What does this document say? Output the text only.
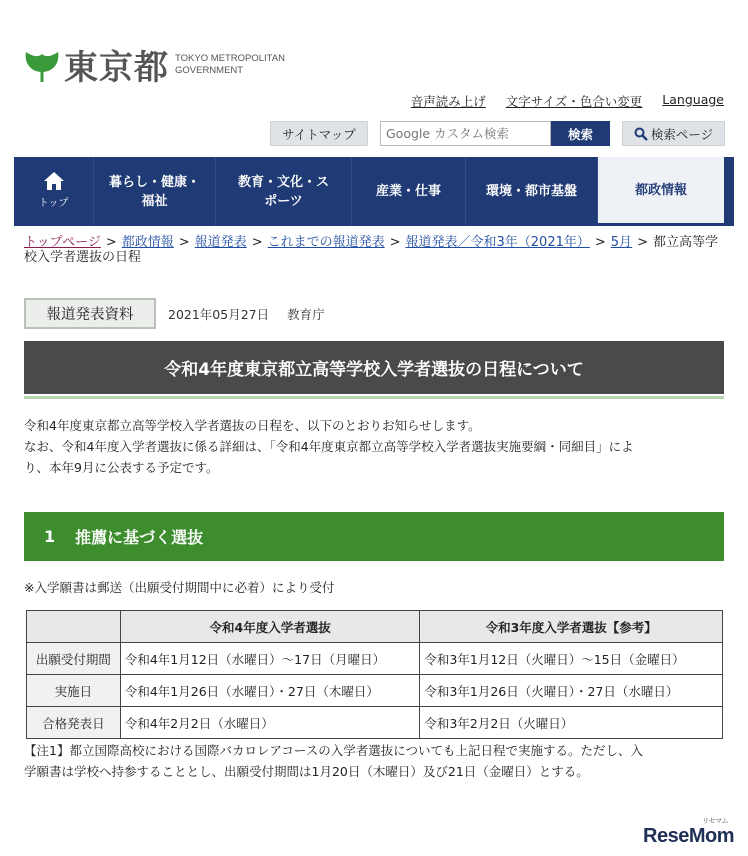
東京都 TOKYO METROPOLITAN
GOVERNMENT
音声読み上げ 文字サイズ・色合い変更 Language
サイトマップ
Google カスタム検索	検索	検索ページ
トップ
暮らし・健康・
福祉
教育・文化・ス
ポーツ
産業・仕事	環境・都市基盤	都政情報
トップページ > 都政情報 > 報道発表 > これまでの報道発表 > 報道発表／令和3年（2021年） > 5月 > 都立高等学校入学者選抜の日程
報道発表資料	2021年05月27日 教育庁
令和4年度東京都立高等学校入学者選抜の日程について
令和4年度東京都立高等学校入学者選抜の日程を、以下のとおりお知らせします。
なお、令和4年度入学者選抜に係る詳細は、「令和4年度東京都立高等学校入学者選抜実施要綱・同細目」によ
り、本年9月に公表する予定です。
1 推薦に基づく選抜
※入学願書は郵送（出願受付期間中に必着）により受付
	令和4年度入学者選抜	令和3年度入学者選抜【参考】
出願受付期間	令和4年1月12日（水曜日）～17日（月曜日）	令和3年1月12日（火曜日）～15日（金曜日）
実施日	令和4年1月26日（水曜日）・27日（木曜日）	令和3年1月26日（火曜日）・27日（水曜日）
合格発表日	令和4年2月2日（水曜日）	令和3年2月2日（火曜日）
【注1】都立国際高校における国際バカロレアコースの入学者選抜についても上記日程で実施する。ただし、入
学願書は学校へ持参することとし、出願受付期間は1月20日（木曜日）及び21日（金曜日）とする。
リセマム
ReseMom
